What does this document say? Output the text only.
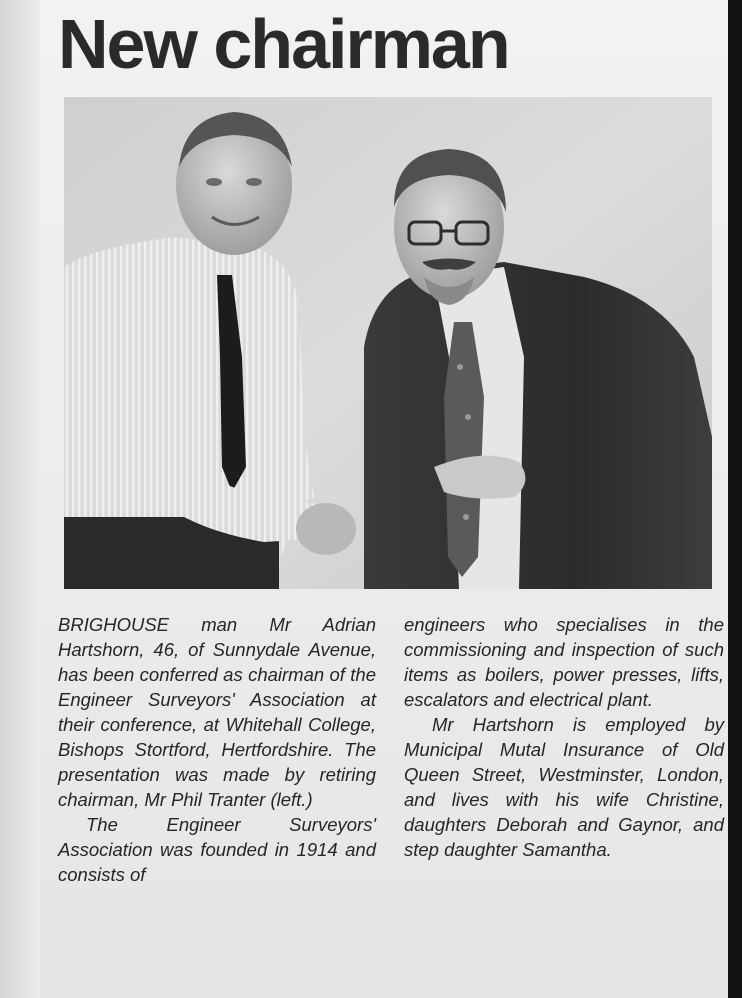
New chairman

BRIGHOUSE man Mr Adrian Hartshorn, 46, of Sunnydale Avenue, has been conferred as chairman of the Engineer Surveyors' Association at their conference, at Whitehall College, Bishops Stortford, Hertfordshire. The presentation was made by retiring chairman, Mr Phil Tranter (left.)

The Engineer Surveyors' Association was founded in 1914 and consists of

engineers who specialises in the commissioning and inspection of such items as boilers, power presses, lifts, escalators and electrical plant.

Mr Hartshorn is employed by Municipal Mutal Insurance of Old Queen Street, Westminster, London, and lives with his wife Christine, daughters Deborah and Gaynor, and step daughter Samantha.
